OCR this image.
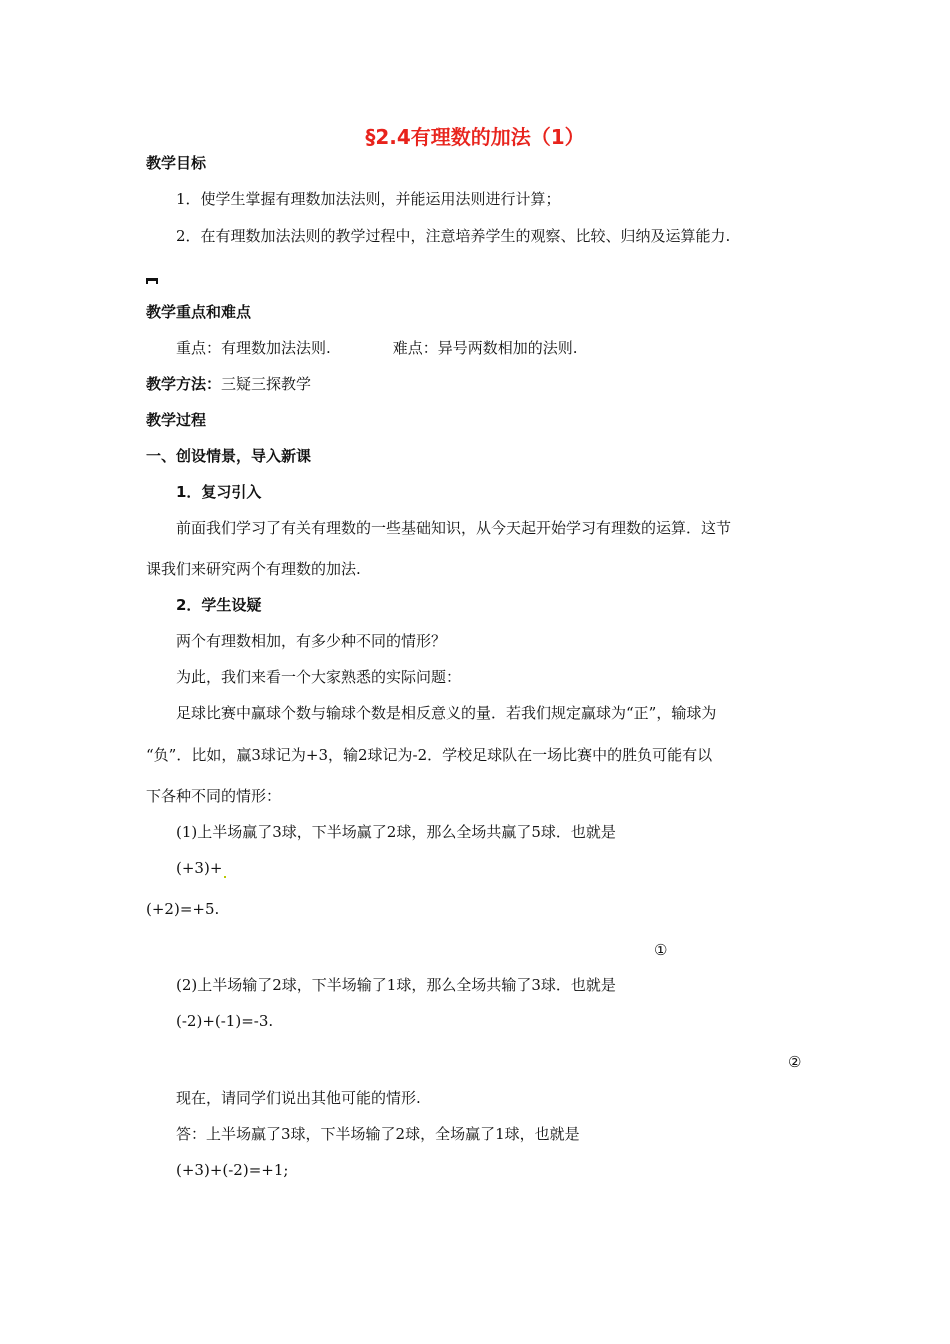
§2.4有理数的加法（1）
教学目标
1．使学生掌握有理数加法法则，并能运用法则进行计算；
2．在有理数加法法则的教学过程中，注意培养学生的观察、比较、归纳及运算能力.
教学重点和难点
重点：有理数加法法则.	难点：异号两数相加的法则.
教学方法：三疑三探教学
教学过程
一、创设情景，导入新课
1．复习引入
前面我们学习了有关有理数的一些基础知识，从今天起开始学习有理数的运算．这节
课我们来研究两个有理数的加法.
2．学生设疑
两个有理数相加，有多少种不同的情形？
为此，我们来看一个大家熟悉的实际问题：
足球比赛中赢球个数与输球个数是相反意义的量．若我们规定赢球为“正”，输球为
“负”．比如，赢3球记为+3，输2球记为-2．学校足球队在一场比赛中的胜负可能有以
下各种不同的情形：
(1)上半场赢了3球，下半场赢了2球，那么全场共赢了5球．也就是
(+3)+
(+2)=+5.
①
(2)上半场输了2球，下半场输了1球，那么全场共输了3球．也就是
(-2)+(-1)=-3.
②
现在，请同学们说出其他可能的情形.
答：上半场赢了3球，下半场输了2球，全场赢了1球，也就是
(+3)+(-2)=+1;
